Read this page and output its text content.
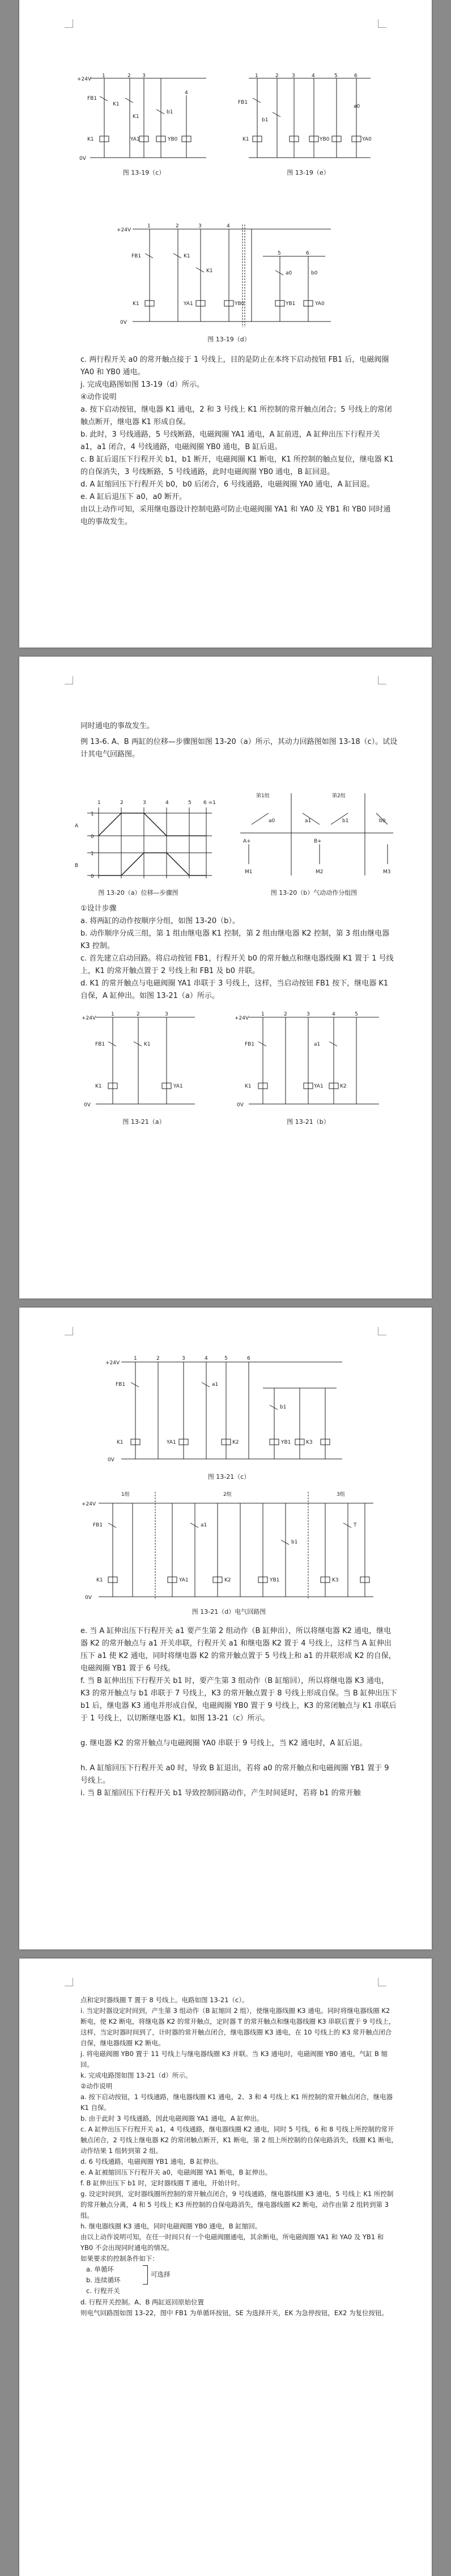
+24V
0V
1	2 3
4
FB1
K1
K1
b1
K1	YA1	YB0
图 13-19（c）
1	2	3	4	5	6
FB1
b1
a0
K1	YB0	YA0
图 13-19（e）
+24V
0V
1	2	3	4
5	6
FB1	K1
K1	a0	b0
K1	YA1	YB0	YB1	YA0
图 13-19（d）

c. 两行程开关 a0 的常开触点接于 1 号线上，目的是防止在本终下启动按钮 FB1 后，电磁阀圈 YA0 和 YB0 通电。

j. 完成电路图如图 13-19（d）所示。

④动作说明

a. 按下启动按钮，继电器 K1 通电，2 和 3 号线上 K1 所控制的常开触点闭合；5 号线上的常闭触点断开，继电器 K1 形成自保。

b. 此时，3 号线通路，5 号线断路，电磁阀圈 YA1 通电，A 缸前进，A 缸伸出压下行程开关 a1，a1 闭合，4 号线通路，电磁阀圈 YB0 通电，B 缸后退。

c. B 缸后退压下行程开关 b1，b1 断开，电磁阀圈 K1 断电，K1 所控制的触点复位，继电器 K1 的自保消失，3 号线断路，5 号线通路，此时电磁阀圈 YB0 通电，B 缸回退。

d. A 缸缩回压下行程开关 b0，b0 后闭合，6 号线通路，电磁阀圈 YA0 通电，A 缸回退。

e. A 缸后退压下 a0，a0 断开。

由以上动作可知，采用继电器设计控制电路可防止电磁阀圈 YA1 和 YA0 及 YB1 和 YB0 同时通电的事故发生。

同时通电的事故发生。

例 13-6. A、B 两缸的位移—步骤图如图 13-20（a）所示，其动力回路图如图 13-18（c）。试设计其电气回路图。

1	2	3	4	5 6 =1
A
B
1
0
1
0
图 13-20（a）位移—步骤图
第1组	第2组
A+	B+
a0	a1	b1	b0
M1	M2	M3
图 13-20（b）气动动作分组图

①设计步骤

a. 将两缸的动作按顺序分组，如图 13-20（b）。

b. 动作顺序分成三组，第 1 组由继电器 K1 控制，第 2 组由继电器 K2 控制，第 3 组由继电器 K3 控制。

c. 首先建立启动回路。将启动按钮 FB1，行程开关 b0 的常开触点和继电器线圈 K1 置于 1 号线上，K1 的常开触点置于 2 号线上和 FB1 及 b0 并联。

d. K1 的常开触点与电磁阀圈 YA1 串联于 3 号线上，这样，当启动按钮 FB1 按下，继电器 K1 自保，A 缸伸出。如图 13-21（a）所示。

+24V
0V
1	2	3
FB1	K1
K1	YA1
图 13-21（a）
+24V
0V
1	2	3	4	5
FB1	a1
K1	YA1	K2
图 13-21（b）
+24V
0V
1	2	3	4	5	6
FB1	a1
b1
K1	YA1	K2	YB1	K3
图 13-21（c）
1组	2组	3组
+24V
0V
FB1	a1
b1
T
K1	YA1	K2	YB1	K3
图 13-21（d）电气回路图

e. 当 A 缸伸出压下行程开关 a1 要产生第 2 组动作（B 缸伸出），所以将继电器 K2 通电，继电器 K2 的常开触点与 a1 开关串联，行程开关 a1 和继电器 K2 置于 4 号线上，这样当 A 缸伸出压下 a1 使 K2 通电，同时将继电器 K2 的常开触点置于 5 号线上和 a1 的并联形成 K2 的自保，电磁阀圈 YB1 置于 6 号线。

f. 当 B 缸伸出压下行程开关 b1 时，要产生第 3 组动作（B 缸缩回），所以将继电器 K3 通电，K3 的常开触点与 b1 串联于 7 号线上，K3 的常开触点置于 8 号线上形成自保。当 B 缸伸出压下 b1 后，继电器 K3 通电并形成自保，电磁阀圈 YB0 置于 9 号线上，K3 的常闭触点与 K1 串联后于 1 号线上，以切断继电器 K1。如图 13-21（c）所示。

g. 继电器 K2 的常开触点与电磁阀圈 YA0 串联于 9 号线上，当 K2 通电时，A 缸后退。

h. A 缸缩回压下行程开关 a0 时，导致 B 缸退出，若将 a0 的常开触点和电磁阀圈 YB1 置于 9 号线上。

i. 当 B 缸缩回压下行程开关 b1 导致控制回路动作，产生时间延时，若将 b1 的常开触

点和定时器线圈 T 置于 8 号线上。电路如图 13-21（c）。

i. 当定时器设定时间到，产生第 3 组动作（B 缸缩回 2 组），使继电器线圈 K3 通电。同时将继电器线圈 K2 断电，使 K2 断电，将继电器 K2 的常开触点，定时器 T 的常开触点和继电器线圈 K3 串联后置于 9 号线上，这样，当定时器时间到了，计时器的常开触点闭合，继电器线圈 K3 通电，在 10 号线上的 K3 常开触点闭合自保，继电器线圈 K2 断电。

j. 将电磁阀圈 YB0 置于 11 号线上与继电器线圈 K3 并联。当 K3 通电时，电磁阀圈 YB0 通电，气缸 B 缩回。

k. 完成电路图如图 13-21（d）所示。

②动作说明

a. 按下启动按钮，1 号线通路，继电器线圈 K1 通电，2、3 和 4 号线上 K1 所控制的常开触点闭合，继电器 K1 自保。

b. 由于此时 3 号线通路，因此电磁阀圈 YA1 通电，A 缸伸出。

c. A 缸伸出压下行程开关 a1，4 号线通路，继电器线圈 K2 通电，同时 5 号线，6 和 8 号线上所控制的常开触点闭合，2 号线上继电器 K2 的常闭触点断开，K1 断电，第 2 组上所控制的自保电路消失，线圈 K1 断电，动作结果 1 组转到第 2 组。

d. 6 号线通路，电磁阀圈 YB1 通电，B 缸伸出。

e. A 缸被缩回压下行程开关 a0，电磁阀圈 YA1 断电，B 缸伸出。

f. B 缸伸出压下 b1 时，定时器线圈 T 通电，开始计时。

g. 设定时间到，定时器线圈所控制的常开触点闭合，9 号线通路，继电器线圈 K3 通电，5 号线上 K1 所控制的常开触点分离，4 和 5 号线上 K3 所控制的自保电路消失，继电器线圈 K2 断电，动作由第 2 组转到第 3 组。

h. 继电器线圈 K3 通电，同时电磁阀圈 YB0 通电，B 缸缩回。

由以上动作说明可知，在任一时间只有一个电磁阀圈通电，其余断电，所电磁阀圈 YA1 和 YA0 及 YB1 和 YB0 不会出现同时通电的情况。

如果要求的控制条件如下：

a. 单循环
b. 连续循环
c. 行程开关
可选择

d. 行程开关控制。A、B 两缸返回原始位置

则电气回路图如图 13-22，图中 FB1 为单循环按钮，SE 为选择开关，EK 为急停按钮，EX2 为复位按钮。
